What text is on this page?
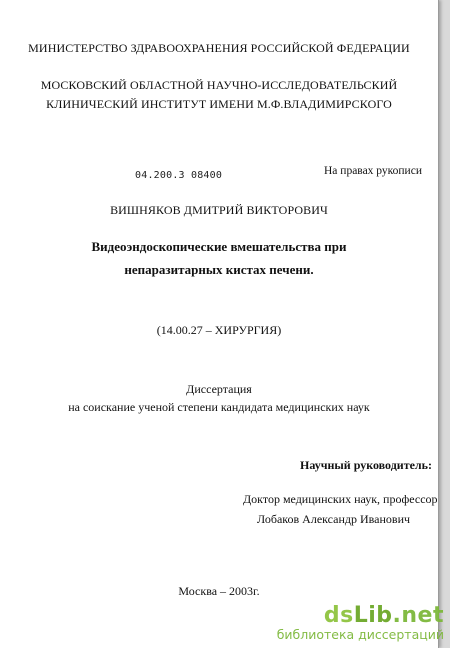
МИНИСТЕРСТВО ЗДРАВООХРАНЕНИЯ РОССИЙСКОЙ ФЕДЕРАЦИИ
МОСКОВСКИЙ ОБЛАСТНОЙ НАУЧНО-ИССЛЕДОВАТЕЛЬСКИЙ
КЛИНИЧЕСКИЙ ИНСТИТУТ ИМЕНИ М.Ф.ВЛАДИМИРСКОГО
04.200.3 08400	На правах рукописи
ВИШНЯКОВ ДМИТРИЙ ВИКТОРОВИЧ
Видеоэндоскопические вмешательства при
непаразитарных кистах печени.
(14.00.27 – ХИРУРГИЯ)
Диссертация
на соискание ученой степени кандидата медицинских наук
Научный руководитель:
Доктор медицинских наук, профессор
Лобаков Александр Иванович
Москва – 2003г.
dsLib.net
библиотека диссертаций
